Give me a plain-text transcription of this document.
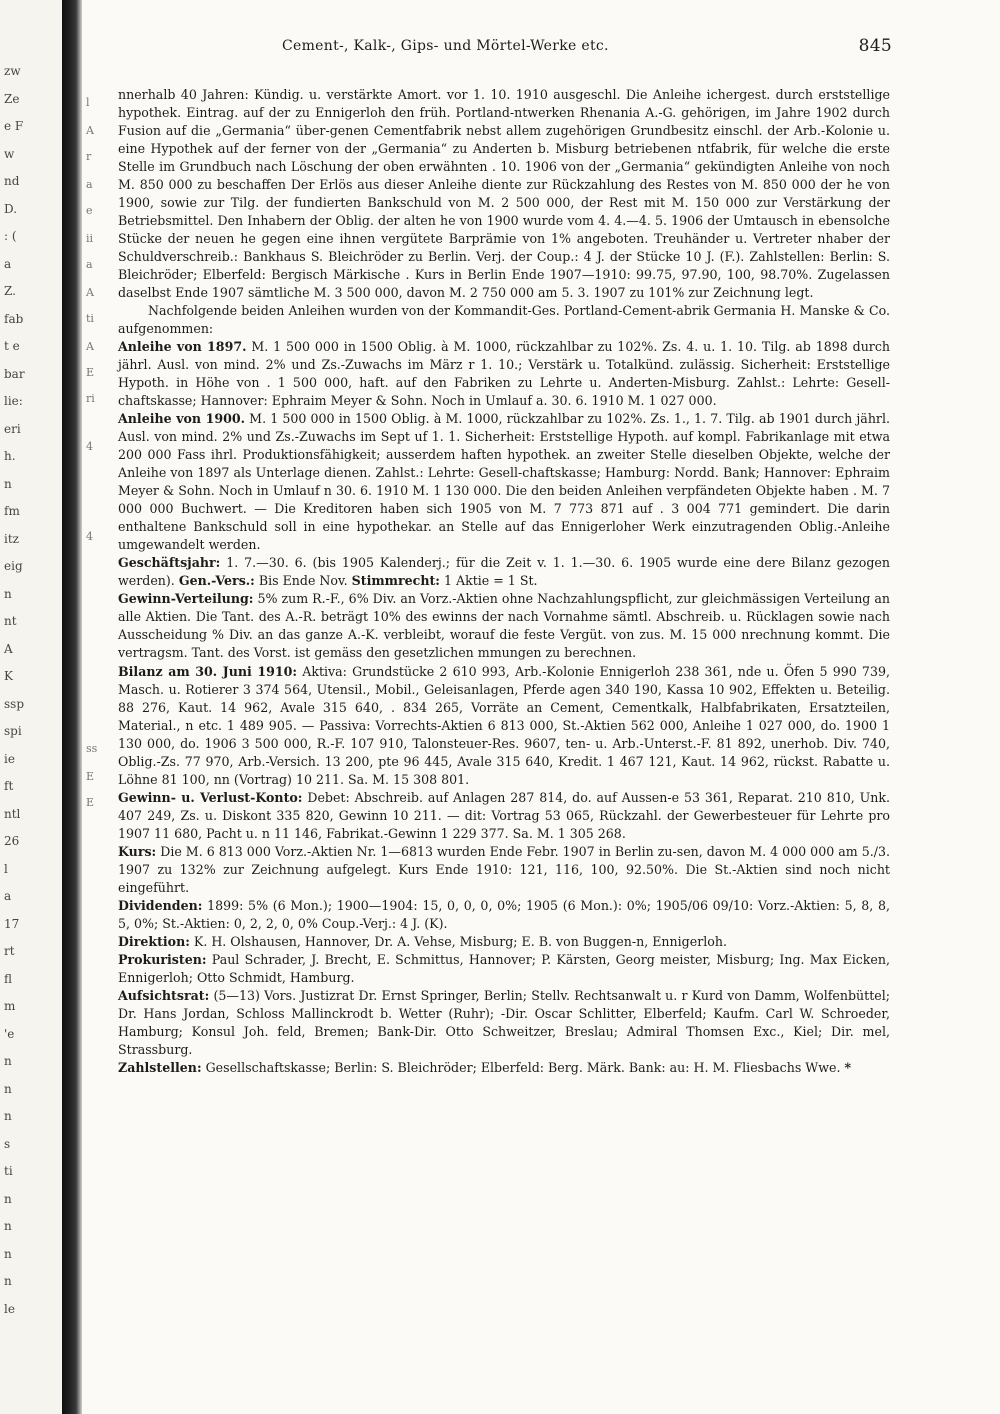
zw
Ze
e F
w
nd
D.
: (
a
Z.
fab
t e
bar
lie:
eri
h.
n
fm
itz
eig
n
nt
A
K
ssp
spi
ie
ft
ntl
26
l
a
17
rt
fl
m
'e
n
n
n
s
ti
n
n
n
n
le
l
A
r
a
e
ii
a
A
ti
A
E
ri
4
4
ss
E
E
Cement-, Kalk-, Gips- und Mörtel-Werke etc.	845

nnerhalb 40 Jahren: Kündig. u. verstärkte Amort. vor 1. 10. 1910 ausgeschl. Die Anleihe ichergest. durch erststellige hypothek. Eintrag. auf der zu Ennigerloh den früh. Portland-ntwerken Rhenania A.-G. gehörigen, im Jahre 1902 durch Fusion auf die „Germania“ über-genen Cementfabrik nebst allem zugehörigen Grundbesitz einschl. der Arb.-Kolonie u. eine Hypothek auf der ferner von der „Germania“ zu Anderten b. Misburg betriebenen ntfabrik, für welche die erste Stelle im Grundbuch nach Löschung der oben erwähnten . 10. 1906 von der „Germania“ gekündigten Anleihe von noch M. 850 000 zu beschaffen Der Erlös aus dieser Anleihe diente zur Rückzahlung des Restes von M. 850 000 der he von 1900, sowie zur Tilg. der fundierten Bankschuld von M. 2 500 000, der Rest mit M. 150 000 zur Verstärkung der Betriebsmittel. Den Inhabern der Oblig. der alten he von 1900 wurde vom 4. 4.—4. 5. 1906 der Umtausch in ebensolche Stücke der neuen he gegen eine ihnen vergütete Barprämie von 1% angeboten. Treuhänder u. Vertreter nhaber der Schuldverschreib.: Bankhaus S. Bleichröder zu Berlin. Verj. der Coup.: 4 J. der Stücke 10 J. (F.). Zahlstellen: Berlin: S. Bleichröder; Elberfeld: Bergisch Märkische . Kurs in Berlin Ende 1907—1910: 99.75, 97.90, 100, 98.70%. Zugelassen daselbst Ende 1907 sämtliche M. 3 500 000, davon M. 2 750 000 am 5. 3. 1907 zu 101% zur Zeichnung legt.

Nachfolgende beiden Anleihen wurden von der Kommandit-Ges. Portland-Cement-abrik Germania H. Manske & Co. aufgenommen:

Anleihe von 1897. M. 1 500 000 in 1500 Oblig. à M. 1000, rückzahlbar zu 102%. Zs. 4. u. 1. 10. Tilg. ab 1898 durch jährl. Ausl. von mind. 2% und Zs.-Zuwachs im März r 1. 10.; Verstärk u. Totalkünd. zulässig. Sicherheit: Erststellige Hypoth. in Höhe von . 1 500 000, haft. auf den Fabriken zu Lehrte u. Anderten-Misburg. Zahlst.: Lehrte: Gesell-chaftskasse; Hannover: Ephraim Meyer & Sohn. Noch in Umlauf a. 30. 6. 1910 M. 1 027 000.

Anleihe von 1900. M. 1 500 000 in 1500 Oblig. à M. 1000, rückzahlbar zu 102%. Zs. 1., 1. 7. Tilg. ab 1901 durch jährl. Ausl. von mind. 2% und Zs.-Zuwachs im Sept uf 1. 1. Sicherheit: Erststellige Hypoth. auf kompl. Fabrikanlage mit etwa 200 000 Fass ihrl. Produktionsfähigkeit; ausserdem haften hypothek. an zweiter Stelle dieselben Objekte, welche der Anleihe von 1897 als Unterlage dienen. Zahlst.: Lehrte: Gesell-chaftskasse; Hamburg: Nordd. Bank; Hannover: Ephraim Meyer & Sohn. Noch in Umlauf n 30. 6. 1910 M. 1 130 000. Die den beiden Anleihen verpfändeten Objekte haben . M. 7 000 000 Buchwert. — Die Kreditoren haben sich 1905 von M. 7 773 871 auf . 3 004 771 gemindert. Die darin enthaltene Bankschuld soll in eine hypothekar. an Stelle auf das Ennigerloher Werk einzutragenden Oblig.-Anleihe umgewandelt werden.

Geschäftsjahr: 1. 7.—30. 6. (bis 1905 Kalenderj.; für die Zeit v. 1. 1.—30. 6. 1905 wurde eine dere Bilanz gezogen werden). Gen.-Vers.: Bis Ende Nov. Stimmrecht: 1 Aktie = 1 St.

Gewinn-Verteilung: 5% zum R.-F., 6% Div. an Vorz.-Aktien ohne Nachzahlungspflicht, zur gleichmässigen Verteilung an alle Aktien. Die Tant. des A.-R. beträgt 10% des ewinns der nach Vornahme sämtl. Abschreib. u. Rücklagen sowie nach Ausscheidung % Div. an das ganze A.-K. verbleibt, worauf die feste Vergüt. von zus. M. 15 000 nrechnung kommt. Die vertragsm. Tant. des Vorst. ist gemäss den gesetzlichen mmungen zu berechnen.

Bilanz am 30. Juni 1910: Aktiva: Grundstücke 2 610 993, Arb.-Kolonie Ennigerloh 238 361, nde u. Öfen 5 990 739, Masch. u. Rotierer 3 374 564, Utensil., Mobil., Geleisanlagen, Pferde agen 340 190, Kassa 10 902, Effekten u. Beteilig. 88 276, Kaut. 14 962, Avale 315 640, . 834 265, Vorräte an Cement, Cementkalk, Halbfabrikaten, Ersatzteilen, Material., n etc. 1 489 905. — Passiva: Vorrechts-Aktien 6 813 000, St.-Aktien 562 000, Anleihe 1 027 000, do. 1900 1 130 000, do. 1906 3 500 000, R.-F. 107 910, Talonsteuer-Res. 9607, ten- u. Arb.-Unterst.-F. 81 892, unerhob. Div. 740, Oblig.-Zs. 77 970, Arb.-Versich. 13 200, pte 96 445, Avale 315 640, Kredit. 1 467 121, Kaut. 14 962, rückst. Rabatte u. Löhne 81 100, nn (Vortrag) 10 211. Sa. M. 15 308 801.

Gewinn- u. Verlust-Konto: Debet: Abschreib. auf Anlagen 287 814, do. auf Aussen-e 53 361, Reparat. 210 810, Unk. 407 249, Zs. u. Diskont 335 820, Gewinn 10 211. — dit: Vortrag 53 065, Rückzahl. der Gewerbesteuer für Lehrte pro 1907 11 680, Pacht u. n 11 146, Fabrikat.-Gewinn 1 229 377. Sa. M. 1 305 268.

Kurs: Die M. 6 813 000 Vorz.-Aktien Nr. 1—6813 wurden Ende Febr. 1907 in Berlin zu-sen, davon M. 4 000 000 am 5./3. 1907 zu 132% zur Zeichnung aufgelegt. Kurs Ende 1910: 121, 116, 100, 92.50%. Die St.-Aktien sind noch nicht eingeführt.

Dividenden: 1899: 5% (6 Mon.); 1900—1904: 15, 0, 0, 0, 0%; 1905 (6 Mon.): 0%; 1905/06 09/10: Vorz.-Aktien: 5, 8, 8, 5, 0%; St.-Aktien: 0, 2, 2, 0, 0% Coup.-Verj.: 4 J. (K).

Direktion: K. H. Olshausen, Hannover, Dr. A. Vehse, Misburg; E. B. von Buggen-n, Ennigerloh.

Prokuristen: Paul Schrader, J. Brecht, E. Schmittus, Hannover; P. Kärsten, Georg meister, Misburg; Ing. Max Eicken, Ennigerloh; Otto Schmidt, Hamburg.

Aufsichtsrat: (5—13) Vors. Justizrat Dr. Ernst Springer, Berlin; Stellv. Rechtsanwalt u. r Kurd von Damm, Wolfenbüttel; Dr. Hans Jordan, Schloss Mallinckrodt b. Wetter (Ruhr); -Dir. Oscar Schlitter, Elberfeld; Kaufm. Carl W. Schroeder, Hamburg; Konsul Joh. feld, Bremen; Bank-Dir. Otto Schweitzer, Breslau; Admiral Thomsen Exc., Kiel; Dir. mel, Strassburg.

Zahlstellen: Gesellschaftskasse; Berlin: S. Bleichröder; Elberfeld: Berg. Märk. Bank: au: H. M. Fliesbachs Wwe. *
